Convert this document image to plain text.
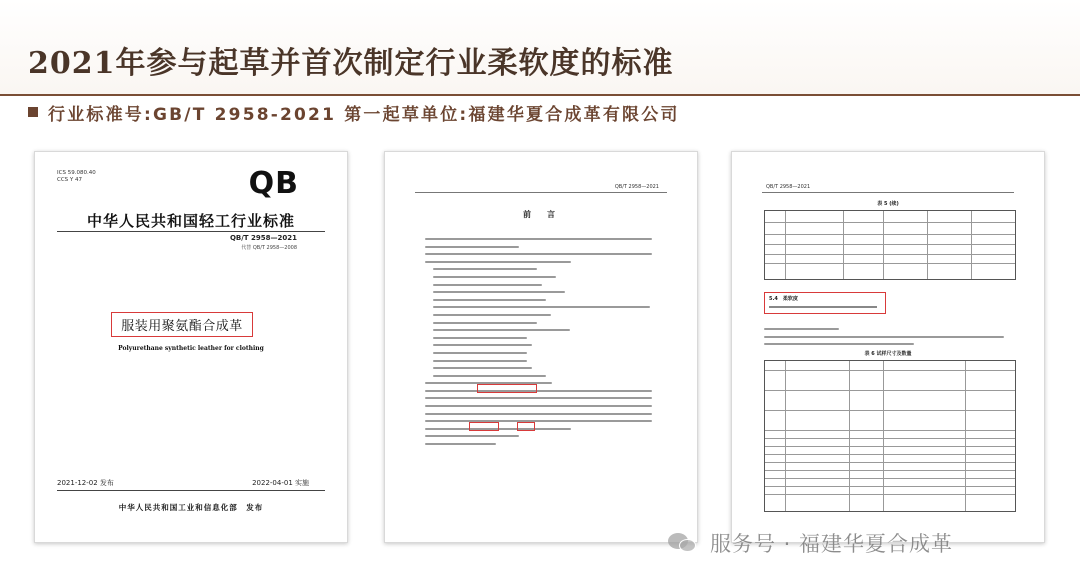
2021年参与起草并首次制定行业柔软度的标准
行业标准号:GB/T 2958-2021 第一起草单位:福建华夏合成革有限公司
ICS 59.080.40
CCS Y 47	QB
中华人民共和国轻工行业标准
QB/T 2958—2021
代替 QB/T 2958—2008
服装用聚氨酯合成革
Polyurethane synthetic leather for clothing
2021-12-02 发布	2022-04-01 实施
中华人民共和国工业和信息化部　发布
QB/T 2958—2021
前　言
QB/T 2958—2021
表 5 (续)
5.4　柔软度
表 6 试样尺寸及数量
服务号 · 福建华夏合成革
